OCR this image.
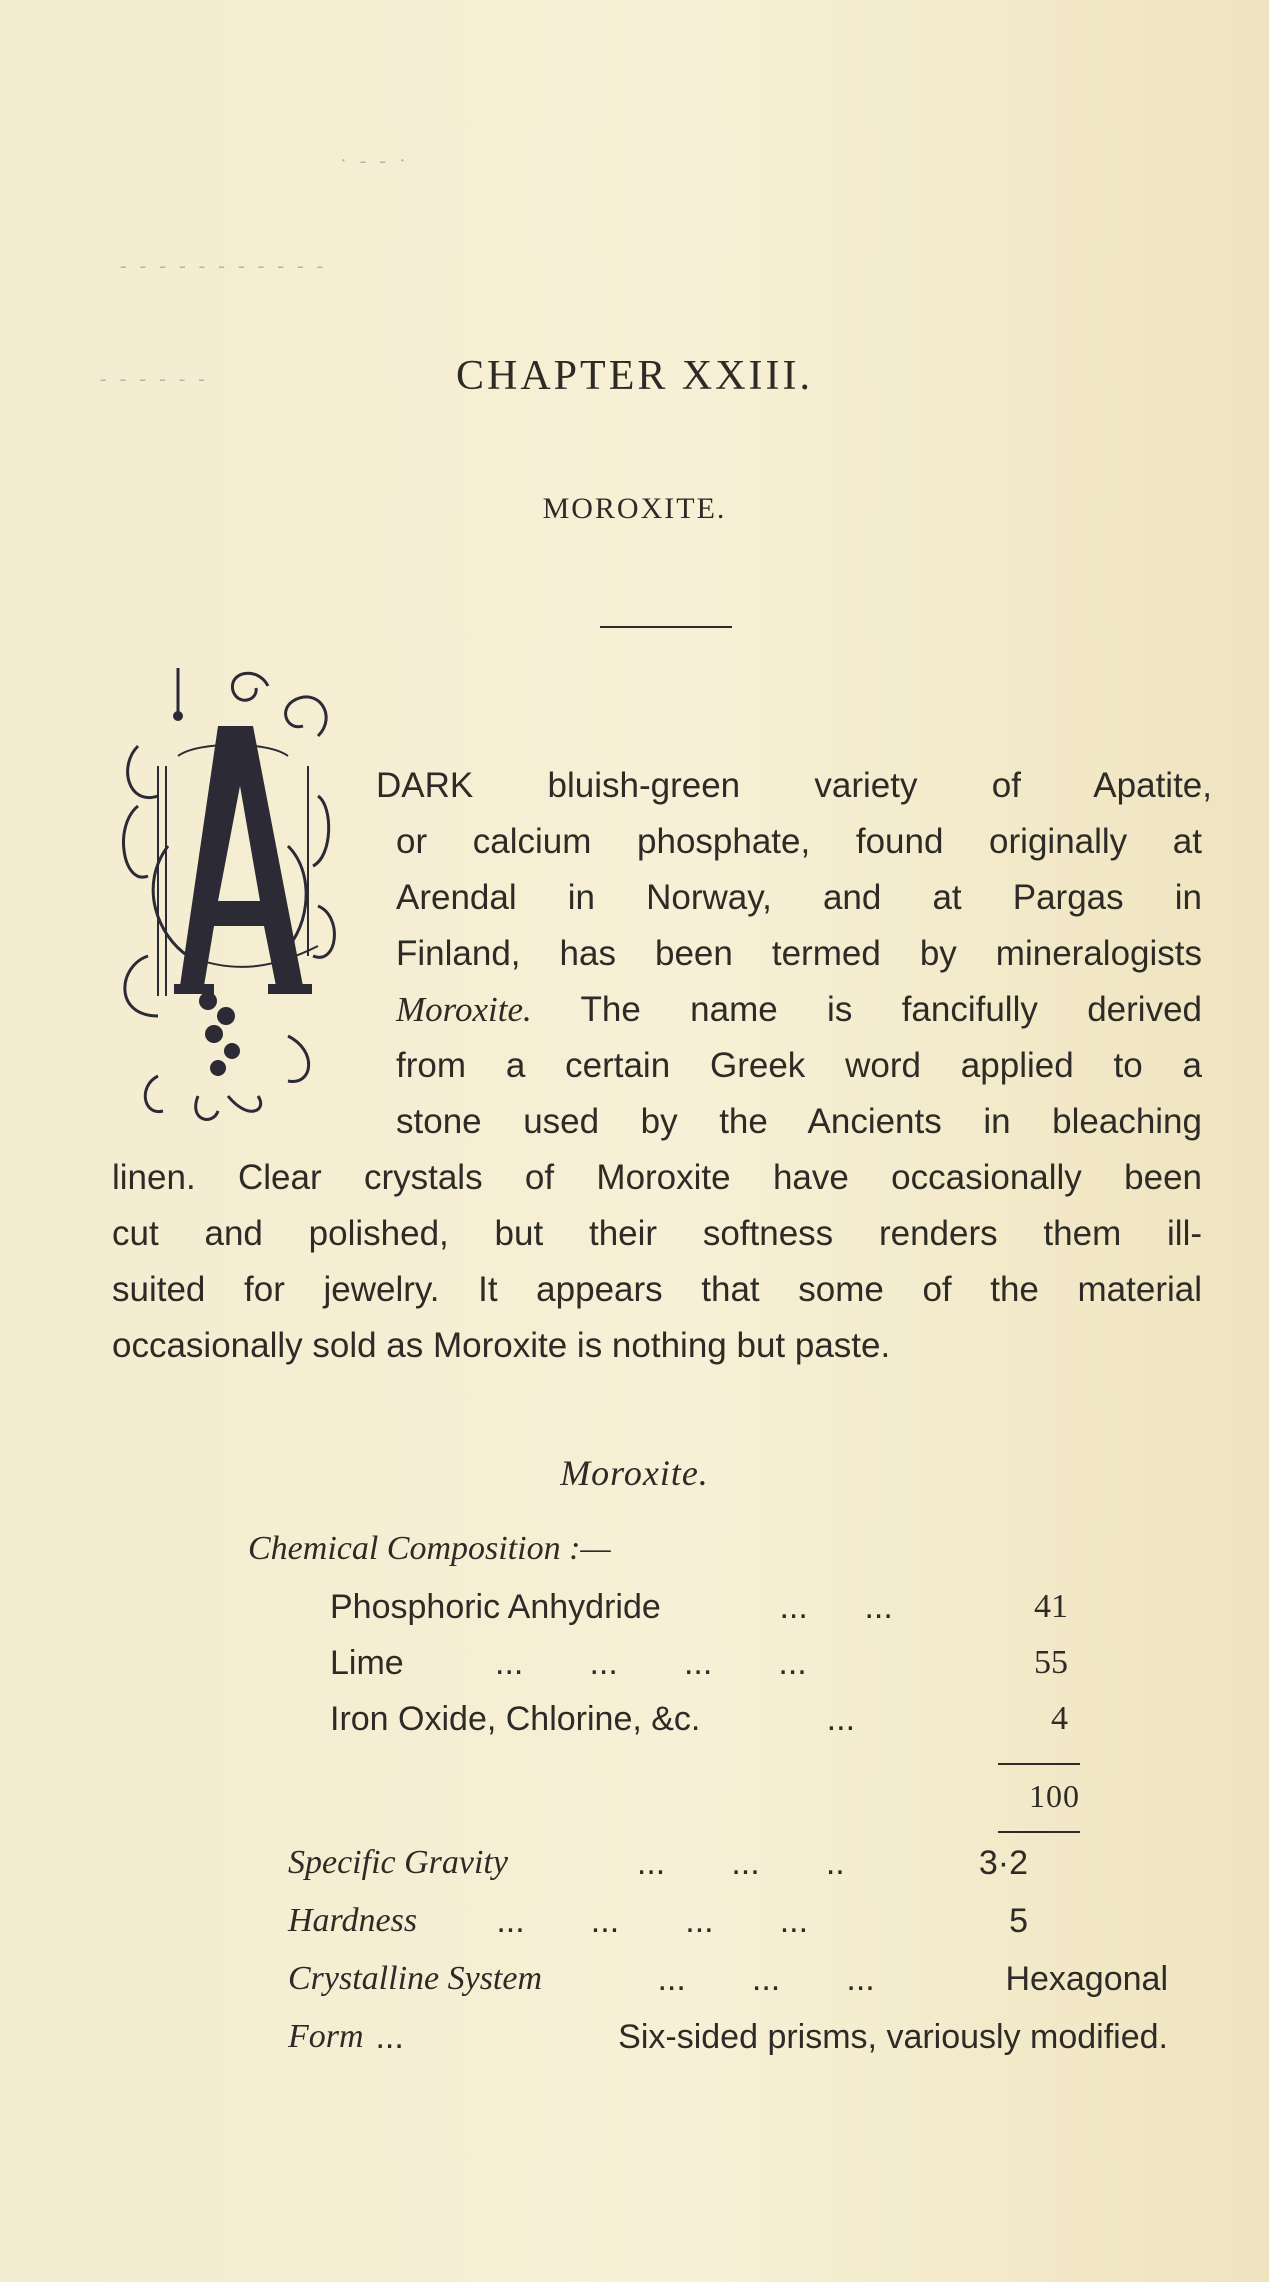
· - - ·
- - - - - - - - - - -
- - - - - -	CHAPTER XXIII.
MOROXITE.
DARK bluish-green variety of Apatite,
or calcium phosphate, found originally at
Arendal in Norway, and at Pargas in
Finland, has been termed by mineralogists
Moroxite. The name is fancifully derived
from a certain Greek word applied to a
stone used by the Ancients in bleaching
linen. Clear crystals of Moroxite have occasionally been
cut and polished, but their softness renders them ill-
suited for jewelry. It appears that some of the material
occasionally sold as Moroxite is nothing but paste.
Moroxite.
Chemical Composition :—
Phosphoric Anhydride	...      ...	41
Lime ...       ...       ...       ...	55
Iron Oxide, Chlorine, &c. ...	4
100
Specific Gravity	...       ...       ..	3·2
Hardness ...       ...       ...       ...	5
Crystalline System	...       ...       ...	Hexagonal
Form ...	Six-sided prisms, variously modified.
